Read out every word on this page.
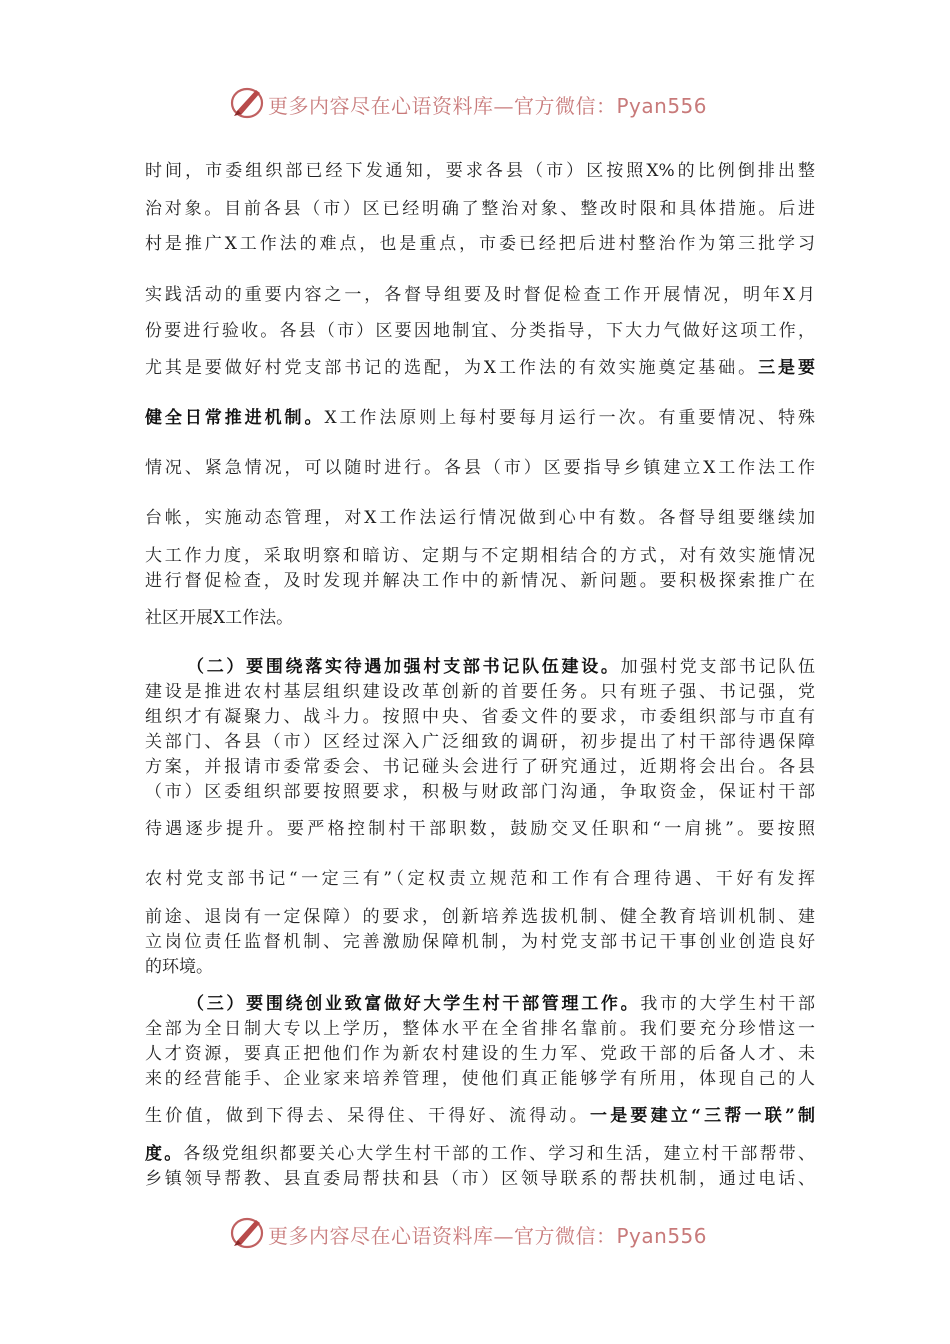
更多内容尽在心语资料库—官方微信：Pyan556
时间，市委组织部已经下发通知，要求各县（市）区按照X%的比例倒排出整
治对象。目前各县（市）区已经明确了整治对象、整改时限和具体措施。后进
村是推广X工作法的难点，也是重点，市委已经把后进村整治作为第三批学习
实践活动的重要内容之一，各督导组要及时督促检查工作开展情况，明年X月
份要进行验收。各县（市）区要因地制宜、分类指导，下大力气做好这项工作，
尤其是要做好村党支部书记的选配，为X工作法的有效实施奠定基础。三是要
健全日常推进机制。X工作法原则上每村要每月运行一次。有重要情况、特殊
情况、紧急情况，可以随时进行。各县（市）区要指导乡镇建立X工作法工作
台帐，实施动态管理，对X工作法运行情况做到心中有数。各督导组要继续加
大工作力度，采取明察和暗访、定期与不定期相结合的方式，对有效实施情况
进行督促检查，及时发现并解决工作中的新情况、新问题。要积极探索推广在
社区开展X工作法。
（二）要围绕落实待遇加强村支部书记队伍建设。加强村党支部书记队伍
建设是推进农村基层组织建设改革创新的首要任务。只有班子强、书记强，党
组织才有凝聚力、战斗力。按照中央、省委文件的要求，市委组织部与市直有
关部门、各县（市）区经过深入广泛细致的调研，初步提出了村干部待遇保障
方案，并报请市委常委会、书记碰头会进行了研究通过，近期将会出台。各县
（市）区委组织部要按照要求，积极与财政部门沟通，争取资金，保证村干部
待遇逐步提升。要严格控制村干部职数，鼓励交叉任职和“一肩挑”。要按照
农村党支部书记“一定三有”（定权责立规范和工作有合理待遇、干好有发挥
前途、退岗有一定保障）的要求，创新培养选拔机制、健全教育培训机制、建
立岗位责任监督机制、完善激励保障机制，为村党支部书记干事创业创造良好
的环境。
（三）要围绕创业致富做好大学生村干部管理工作。我市的大学生村干部
全部为全日制大专以上学历，整体水平在全省排名靠前。我们要充分珍惜这一
人才资源，要真正把他们作为新农村建设的生力军、党政干部的后备人才、未
来的经营能手、企业家来培养管理，使他们真正能够学有所用，体现自己的人
生价值，做到下得去、呆得住、干得好、流得动。一是要建立“三帮一联”制
度。各级党组织都要关心大学生村干部的工作、学习和生活，建立村干部帮带、
乡镇领导帮教、县直委局帮扶和县（市）区领导联系的帮扶机制，通过电话、
更多内容尽在心语资料库—官方微信：Pyan556
